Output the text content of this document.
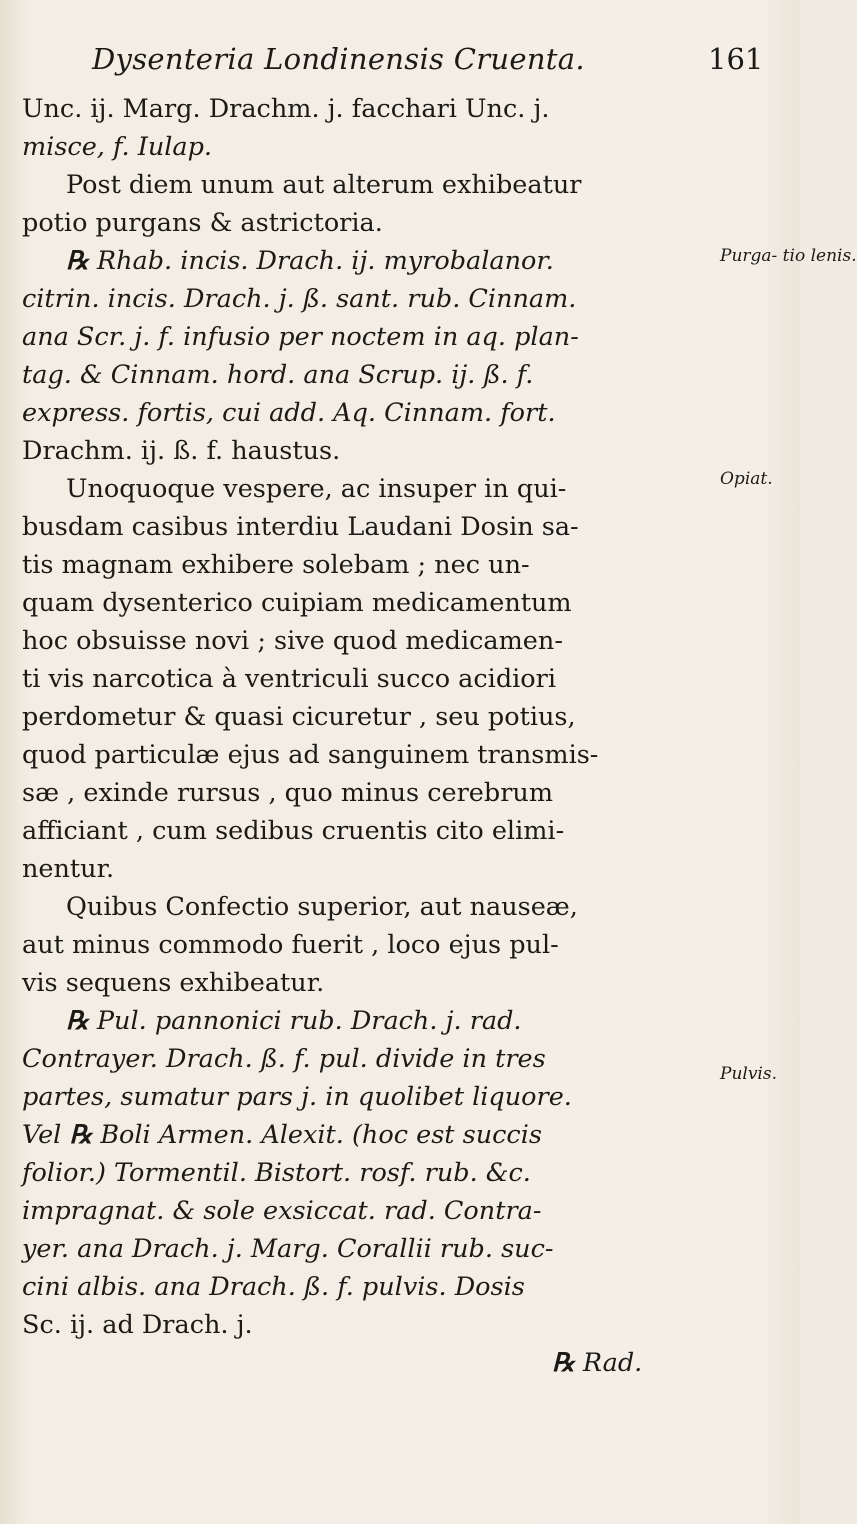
Dysenteria Londinensis Cruenta.	161
Unc. ij. Marg. Drachm. j. facchari Unc. j.
misce, f. Iulap.
Post diem unum aut alterum exhibeatur
potio purgans & astrictoria.
℞ Rhab. incis. Drach. ij. myrobalanor.
citrin. incis. Drach. j. ß. sant. rub. Cinnam.
ana Scr. j. f. infusio per noctem in aq. plan-
tag. & Cinnam. hord. ana Scrup. ij. ß. f.
express. fortis, cui add. Aq. Cinnam. fort.
Drachm. ij. ß. f. haustus.
Unoquoque vespere, ac insuper in qui-
busdam casibus interdiu Laudani Dosin sa-
tis magnam exhibere solebam ; nec un-
quam dysenterico cuipiam medicamentum
hoc obsuisse novi ; sive quod medicamen-
ti vis narcotica à ventriculi succo acidiori
perdometur & quasi cicuretur , seu potius,
quod particulæ ejus ad sanguinem transmis-
sæ , exinde rursus , quo minus cerebrum
afficiant , cum sedibus cruentis cito elimi-
nentur.
Quibus Confectio superior, aut nauseæ,
aut minus commodo fuerit , loco ejus pul-
vis sequens exhibeatur.
℞ Pul. pannonici rub. Drach. j. rad.
Contrayer. Drach. ß. f. pul. divide in tres
partes, sumatur pars j. in quolibet liquore.
Vel ℞ Boli Armen. Alexit. (hoc est succis
folior.) Tormentil. Bistort. rosf. rub. &c.
impragnat. & sole exsiccat. rad. Contra-
yer. ana Drach. j. Marg. Corallii rub. suc-
cini albis. ana Drach. ß. f. pulvis. Dosis
Sc. ij. ad Drach. j.
℞ Rad.
Purga- tio lenis.
Opiat.
Pulvis.
